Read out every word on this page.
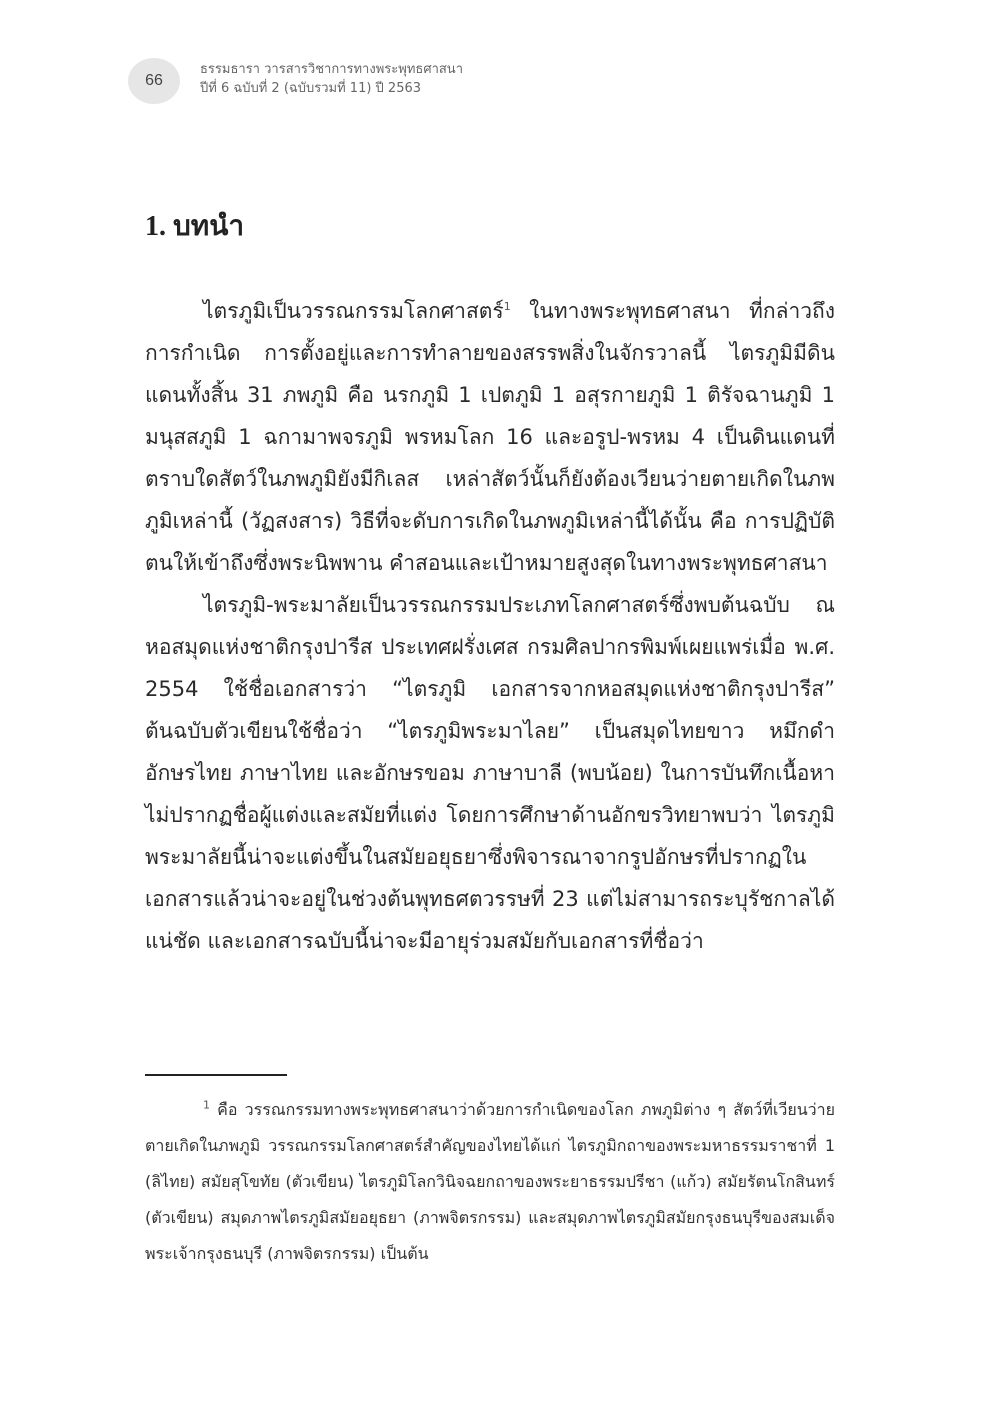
66
ธรรมธารา วารสารวิชาการทางพระพุทธศาสนา
ปีที่ 6 ฉบับที่ 2 (ฉบับรวมที่ 11) ปี 2563
1. บทนำ

ไตรภูมิเป็นวรรณกรรมโลกศาสตร์$^1$ ในทางพระพุทธศาสนา ที่กล่าวถึงการกำเนิด การตั้งอยู่และการทำลายของสรรพสิ่งในจักรวาลนี้ ไตรภูมิมีดินแดนทั้งสิ้น 31 ภพภูมิ คือ นรกภูมิ 1 เปตภูมิ 1 อสุรกายภูมิ 1 ติรัจฉานภูมิ 1 มนุสสภูมิ 1 ฉกามาพจรภูมิ พรหมโลก 16 และอรูป-พรหม 4 เป็นดินแดนที่ตราบใดสัตว์ในภพภูมิยังมีกิเลส เหล่าสัตว์นั้นก็ยังต้องเวียนว่ายตายเกิดในภพภูมิเหล่านี้ (วัฏสงสาร) วิธีที่จะดับการเกิดในภพภูมิเหล่านี้ได้นั้น คือ การปฏิบัติตนให้เข้าถึงซึ่งพระนิพพาน คำสอนและเป้าหมายสูงสุดในทางพระพุทธศาสนา

ไตรภูมิ-พระมาลัยเป็นวรรณกรรมประเภทโลกศาสตร์ซึ่งพบต้นฉบับ ณ หอสมุดแห่งชาติกรุงปารีส ประเทศฝรั่งเศส กรมศิลปากรพิมพ์เผยแพร่เมื่อ พ.ศ. 2554 ใช้ชื่อเอกสารว่า “ไตรภูมิ เอกสารจากหอสมุดแห่งชาติกรุงปารีส” ต้นฉบับตัวเขียนใช้ชื่อว่า “ไตรภูมิพระมาไลย” เป็นสมุดไทยขาว หมึกดำ อักษรไทย ภาษาไทย และอักษรขอม ภาษาบาลี (พบน้อย) ในการบันทึกเนื้อหา ไม่ปรากฏชื่อผู้แต่งและสมัยที่แต่ง โดยการศึกษาด้านอักขรวิทยาพบว่า ไตรภูมิพระมาลัยนี้น่าจะแต่งขึ้นในสมัยอยุธยาซึ่งพิจารณาจากรูปอักษรที่ปรากฏในเอกสารแล้วน่าจะอยู่ในช่วงต้นพุทธศตวรรษที่ 23 แต่ไม่สามารถระบุรัชกาลได้แน่ชัด และเอกสารฉบับนี้น่าจะมีอายุร่วมสมัยกับเอกสารที่ชื่อว่า

$^1$ คือ วรรณกรรมทางพระพุทธศาสนาว่าด้วยการกำเนิดของโลก ภพภูมิต่าง ๆ สัตว์ที่เวียนว่ายตายเกิดในภพภูมิ วรรณกรรมโลกศาสตร์สำคัญของไทยได้แก่ ไตรภูมิกถาของพระมหาธรรมราชาที่ 1 (ลิไทย) สมัยสุโขทัย (ตัวเขียน) ไตรภูมิโลกวินิจฉยกถาของพระยาธรรมปรีชา (แก้ว) สมัยรัตนโกสินทร์ (ตัวเขียน) สมุดภาพไตรภูมิสมัยอยุธยา (ภาพจิตรกรรม) และสมุดภาพไตรภูมิสมัยกรุงธนบุรีของสมเด็จพระเจ้ากรุงธนบุรี (ภาพจิตรกรรม) เป็นต้น
